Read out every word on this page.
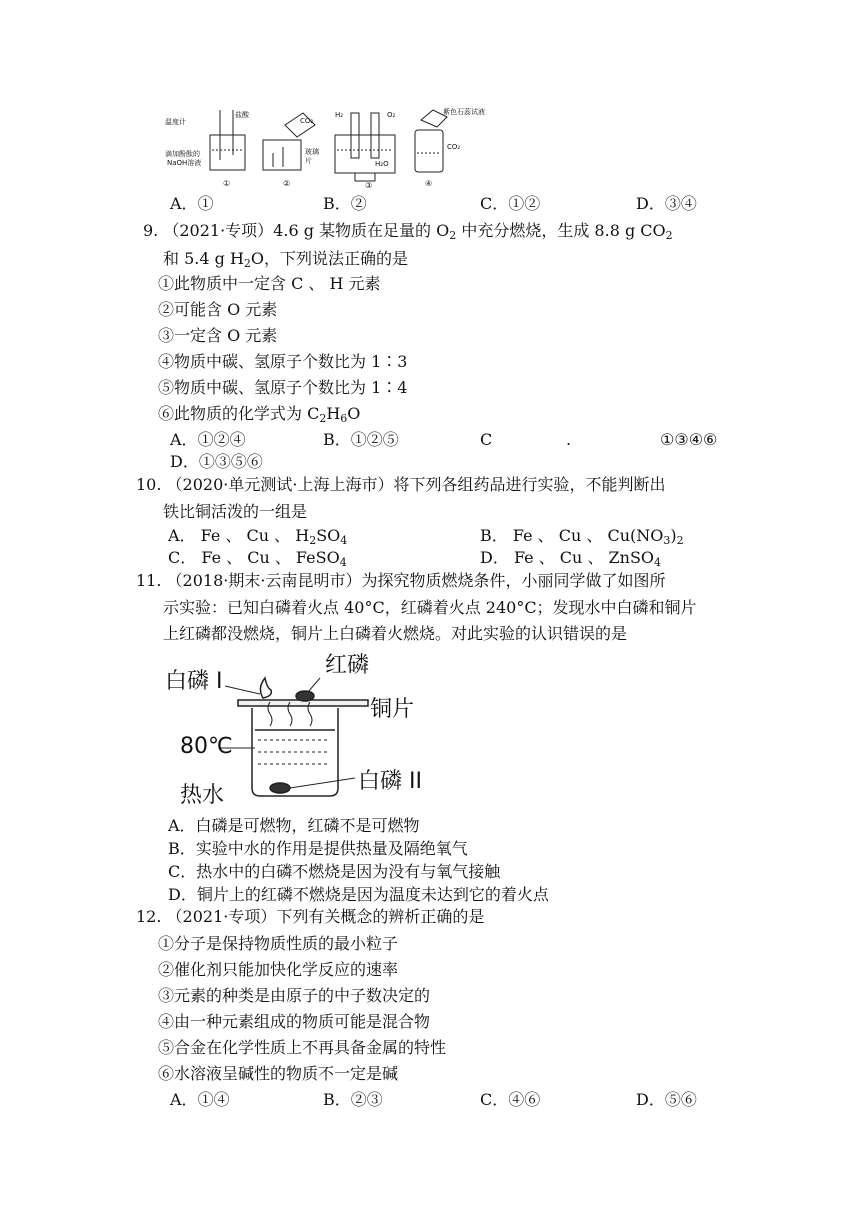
温度计
盐酸
滴加酚酞的
NaOH溶液
CO₂
玻璃
片
H₂	O₂
H₂O
紫色石蕊试液
CO₂
①	②	③	④
A．①	B．②	C．①②	D．③④
9. （2021·专项）4.6 g 某物质在足量的 $O_2$ 中充分燃烧，生成 8.8 g $CO_2$
和 5.4 g $H_2O$，下列说法正确的是
①此物质中一定含 C 、 H 元素
②可能含 O 元素
③一定含 O 元素
④物质中碳、氢原子个数比为 1∶3
⑤物质中碳、氢原子个数比为 1∶4
⑥此物质的化学式为 $C_2H_6O$
A．①②④	B．①②⑤	C	.	①③④⑥
D．①③⑤⑥
10. （2020·单元测试·上海上海市）将下列各组药品进行实验，不能判断出
铁比铜活泼的一组是
A． Fe 、 Cu 、 $H_2SO_4$	B． Fe 、 Cu 、 $Cu(NO_3)_2$
C． Fe 、 Cu 、 FeSO$_4$	D． Fe 、 Cu 、 ZnSO$_4$
11. （2018·期末·云南昆明市）为探究物质燃烧条件，小丽同学做了如图所
示实验：已知白磷着火点 40°C，红磷着火点 240°C；发现水中白磷和铜片
上红磷都没燃烧，铜片上白磷着火燃烧。对此实验的认识错误的是
白磷 I
红磷
铜片
80℃
热水
白磷 II
A．白磷是可燃物，红磷不是可燃物
B．实验中水的作用是提供热量及隔绝氧气
C．热水中的白磷不燃烧是因为没有与氧气接触
D．铜片上的红磷不燃烧是因为温度未达到它的着火点
12. （2021·专项）下列有关概念的辨析正确的是
①分子是保持物质性质的最小粒子
②催化剂只能加快化学反应的速率
③元素的种类是由原子的中子数决定的
④由一种元素组成的物质可能是混合物
⑤合金在化学性质上不再具备金属的特性
⑥水溶液呈碱性的物质不一定是碱
A．①④	B．②③	C．④⑥	D．⑤⑥
